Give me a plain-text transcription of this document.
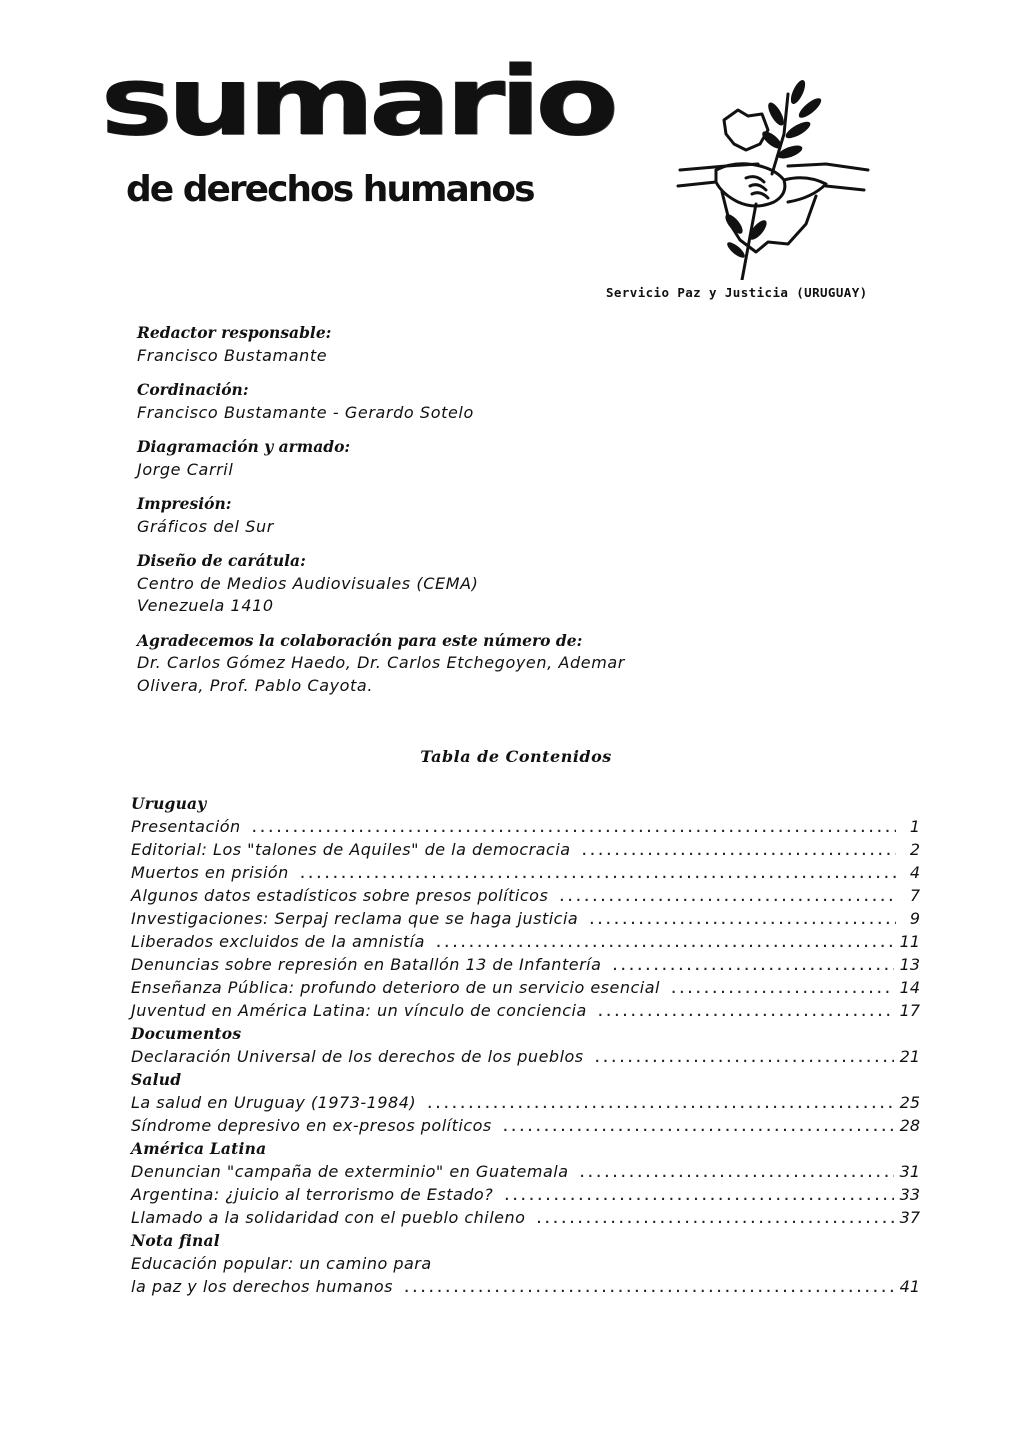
sumario
de derechos humanos
Servicio Paz y Justicia (URUGUAY)
Redactor responsable:
Francisco Bustamante
Cordinación:
Francisco Bustamante - Gerardo Sotelo
Diagramación y armado:
Jorge Carril
Impresión:
Gráficos del Sur
Diseño de carátula:
Centro de Medios Audiovisuales (CEMA)
Venezuela 1410
Agradecemos la colaboración para este número de:
Dr. Carlos Gómez Haedo, Dr. Carlos Etchegoyen, Ademar
Olivera, Prof. Pablo Cayota.
Tabla de Contenidos
Uruguay
Presentación .....	1
Editorial: Los "talones de Aquiles" de la democracia .....	2
Muertos en prisión .....	4
Algunos datos estadísticos sobre presos políticos .....	7
Investigaciones: Serpaj reclama que se haga justicia .....	9
Liberados excluidos de la amnistía .....	11
Denuncias sobre represión en Batallón 13 de Infantería .....	13
Enseñanza Pública: profundo deterioro de un servicio esencial .....	14
Juventud en América Latina: un vínculo de conciencia .....	17
Documentos
Declaración Universal de los derechos de los pueblos .....	21
Salud
La salud en Uruguay (1973-1984) .....	25
Síndrome depresivo en ex-presos políticos .....	28
América Latina
Denuncian "campaña de exterminio" en Guatemala .....	31
Argentina: ¿juicio al terrorismo de Estado? .....	33
Llamado a la solidaridad con el pueblo chileno .....	37
Nota final
Educación popular: un camino para
la paz y los derechos humanos .....	41
